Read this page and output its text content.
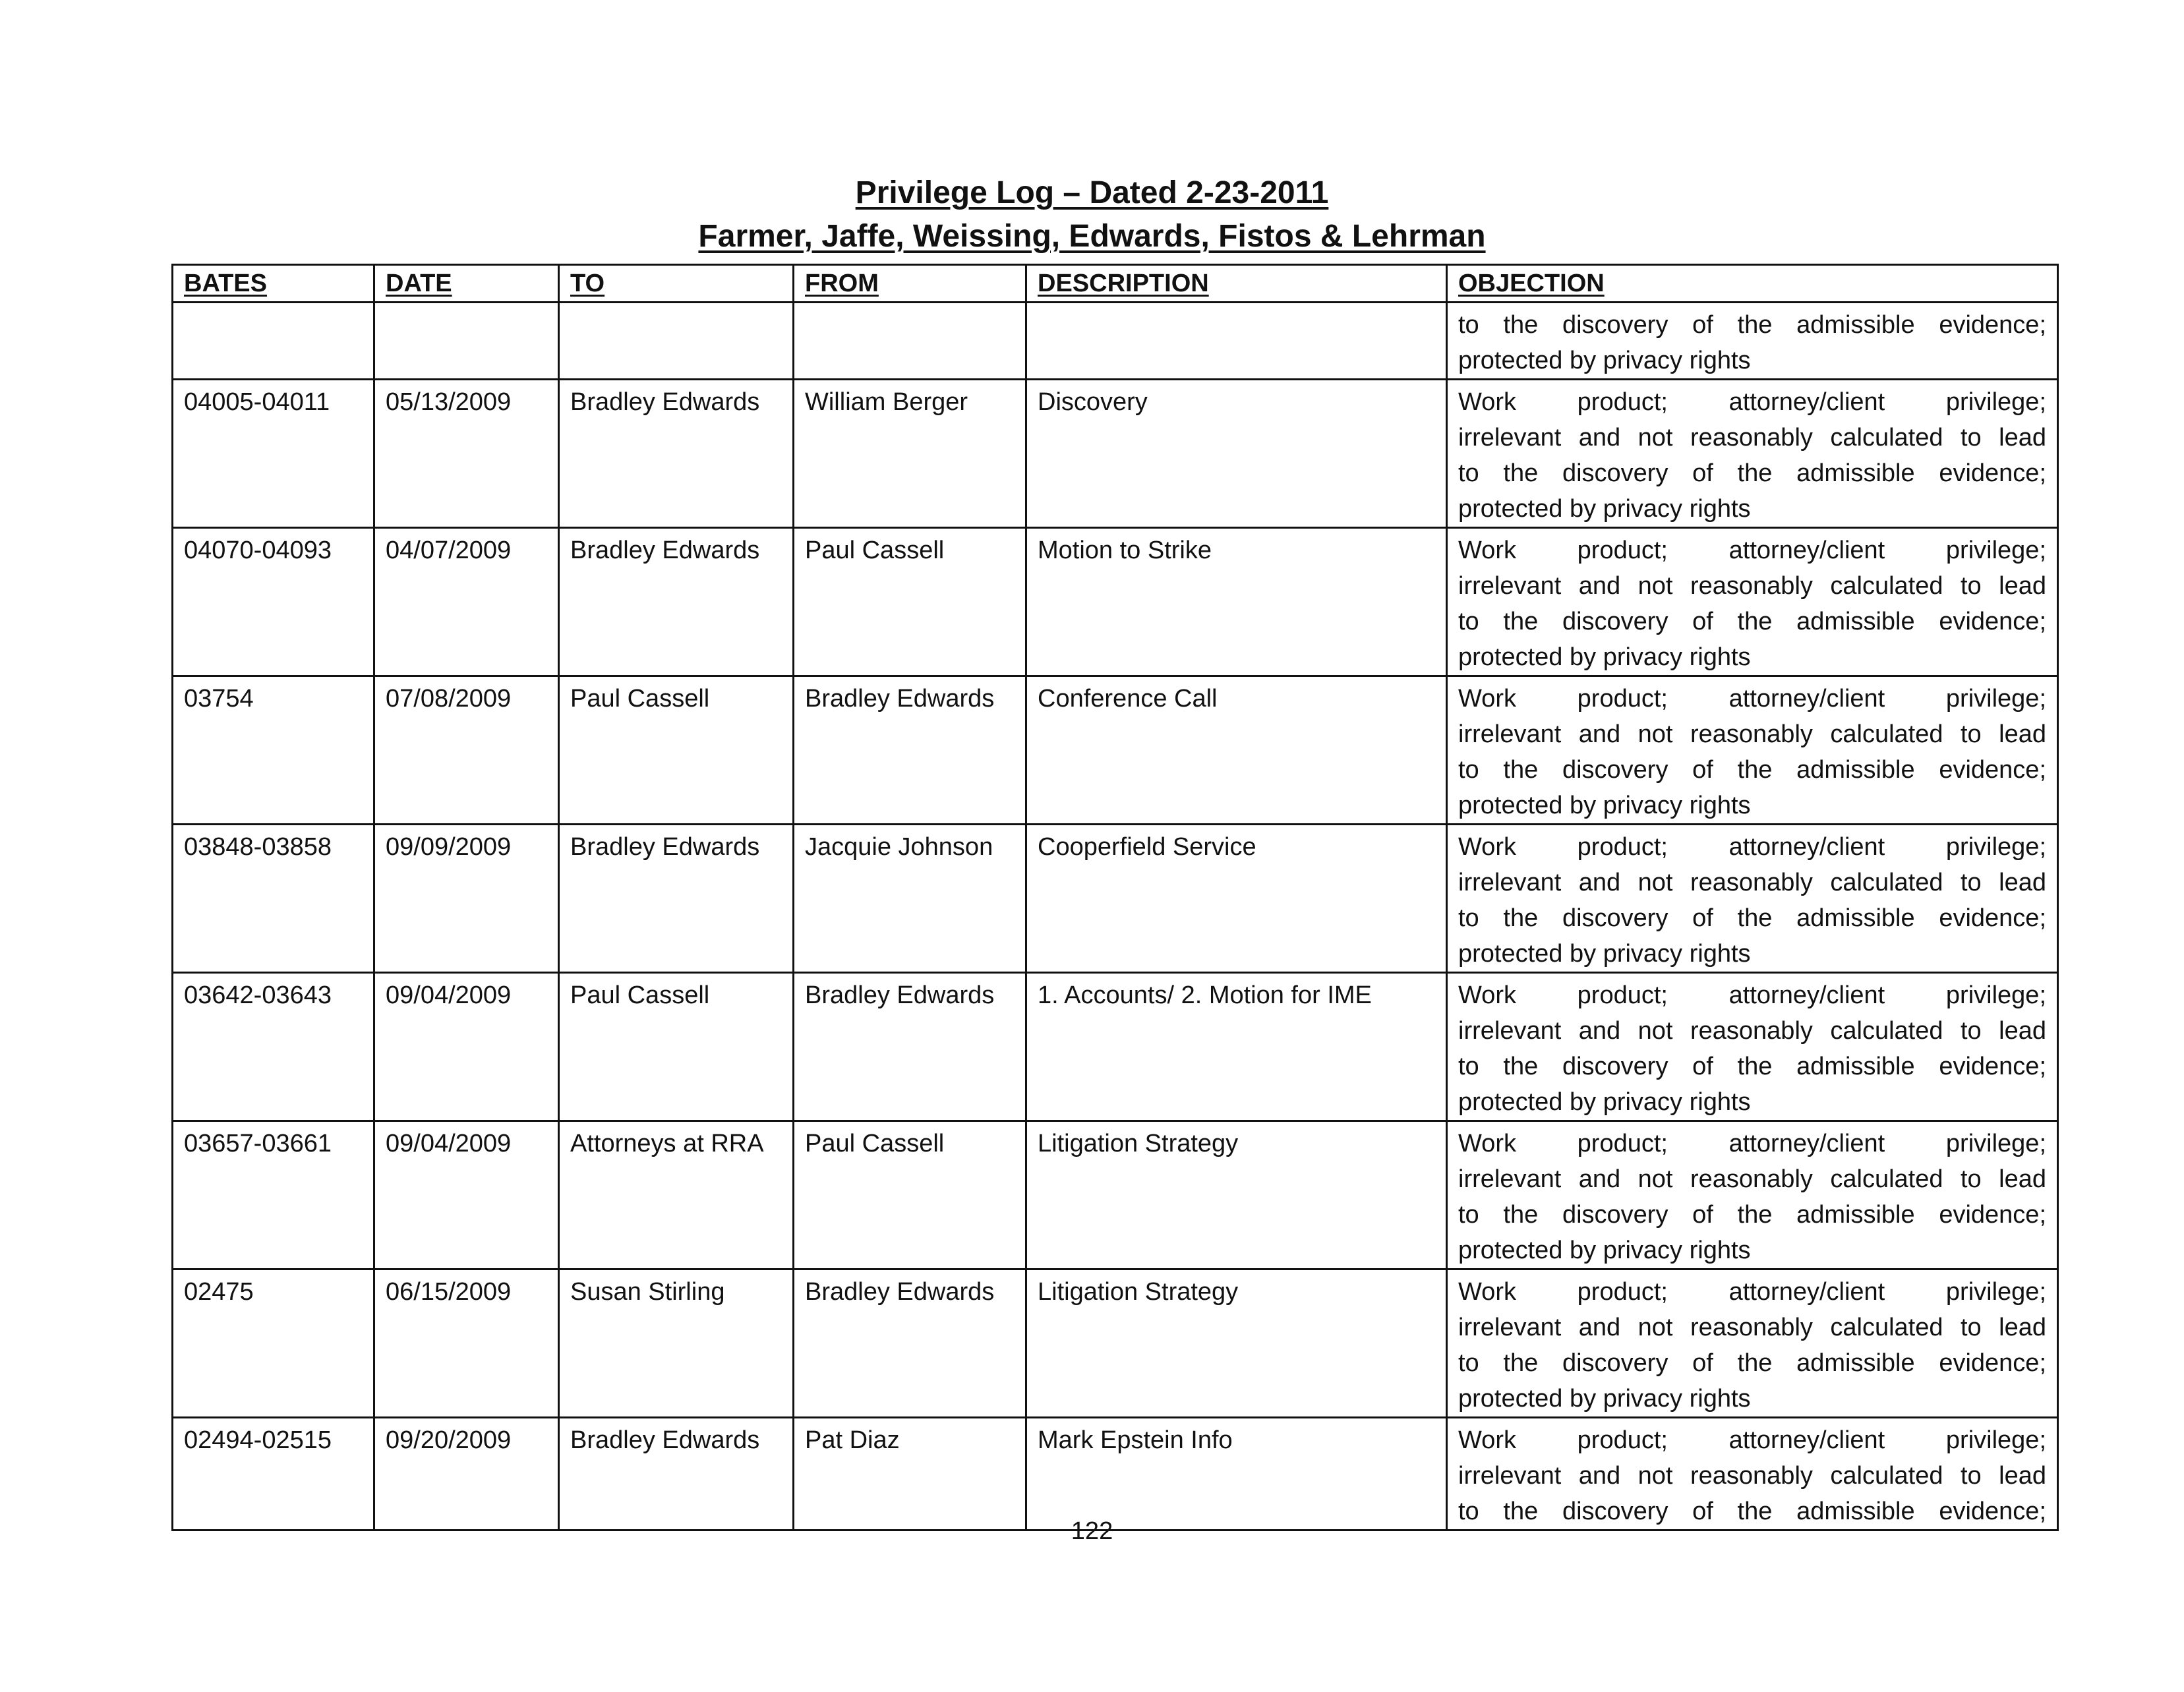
Privilege Log – Dated 2-23-2011
Farmer, Jaffe, Weissing, Edwards, Fistos & Lehrman
BATES	DATE	TO	FROM	DESCRIPTION	OBJECTION

					to the discovery of the admissible evidence;
protected by privacy rights

04005-04011	05/13/2009	Bradley Edwards	William Berger	Discovery	Work product; attorney/client privilege;
irrelevant and not reasonably calculated to lead
to the discovery of the admissible evidence;
protected by privacy rights

04070-04093	04/07/2009	Bradley Edwards	Paul Cassell	Motion to Strike	Work product; attorney/client privilege;
irrelevant and not reasonably calculated to lead
to the discovery of the admissible evidence;
protected by privacy rights

03754	07/08/2009	Paul Cassell	Bradley Edwards	Conference Call	Work product; attorney/client privilege;
irrelevant and not reasonably calculated to lead
to the discovery of the admissible evidence;
protected by privacy rights

03848-03858	09/09/2009	Bradley Edwards	Jacquie Johnson	Cooperfield Service	Work product; attorney/client privilege;
irrelevant and not reasonably calculated to lead
to the discovery of the admissible evidence;
protected by privacy rights

03642-03643	09/04/2009	Paul Cassell	Bradley Edwards	1. Accounts/ 2. Motion for IME	Work product; attorney/client privilege;
irrelevant and not reasonably calculated to lead
to the discovery of the admissible evidence;
protected by privacy rights

03657-03661	09/04/2009	Attorneys at RRA	Paul Cassell	Litigation Strategy	Work product; attorney/client privilege;
irrelevant and not reasonably calculated to lead
to the discovery of the admissible evidence;
protected by privacy rights

02475	06/15/2009	Susan Stirling	Bradley Edwards	Litigation Strategy	Work product; attorney/client privilege;
irrelevant and not reasonably calculated to lead
to the discovery of the admissible evidence;
protected by privacy rights

02494-02515	09/20/2009	Bradley Edwards	Pat Diaz	Mark Epstein Info	Work product; attorney/client privilege;
irrelevant and not reasonably calculated to lead
to the discovery of the admissible evidence;
122
